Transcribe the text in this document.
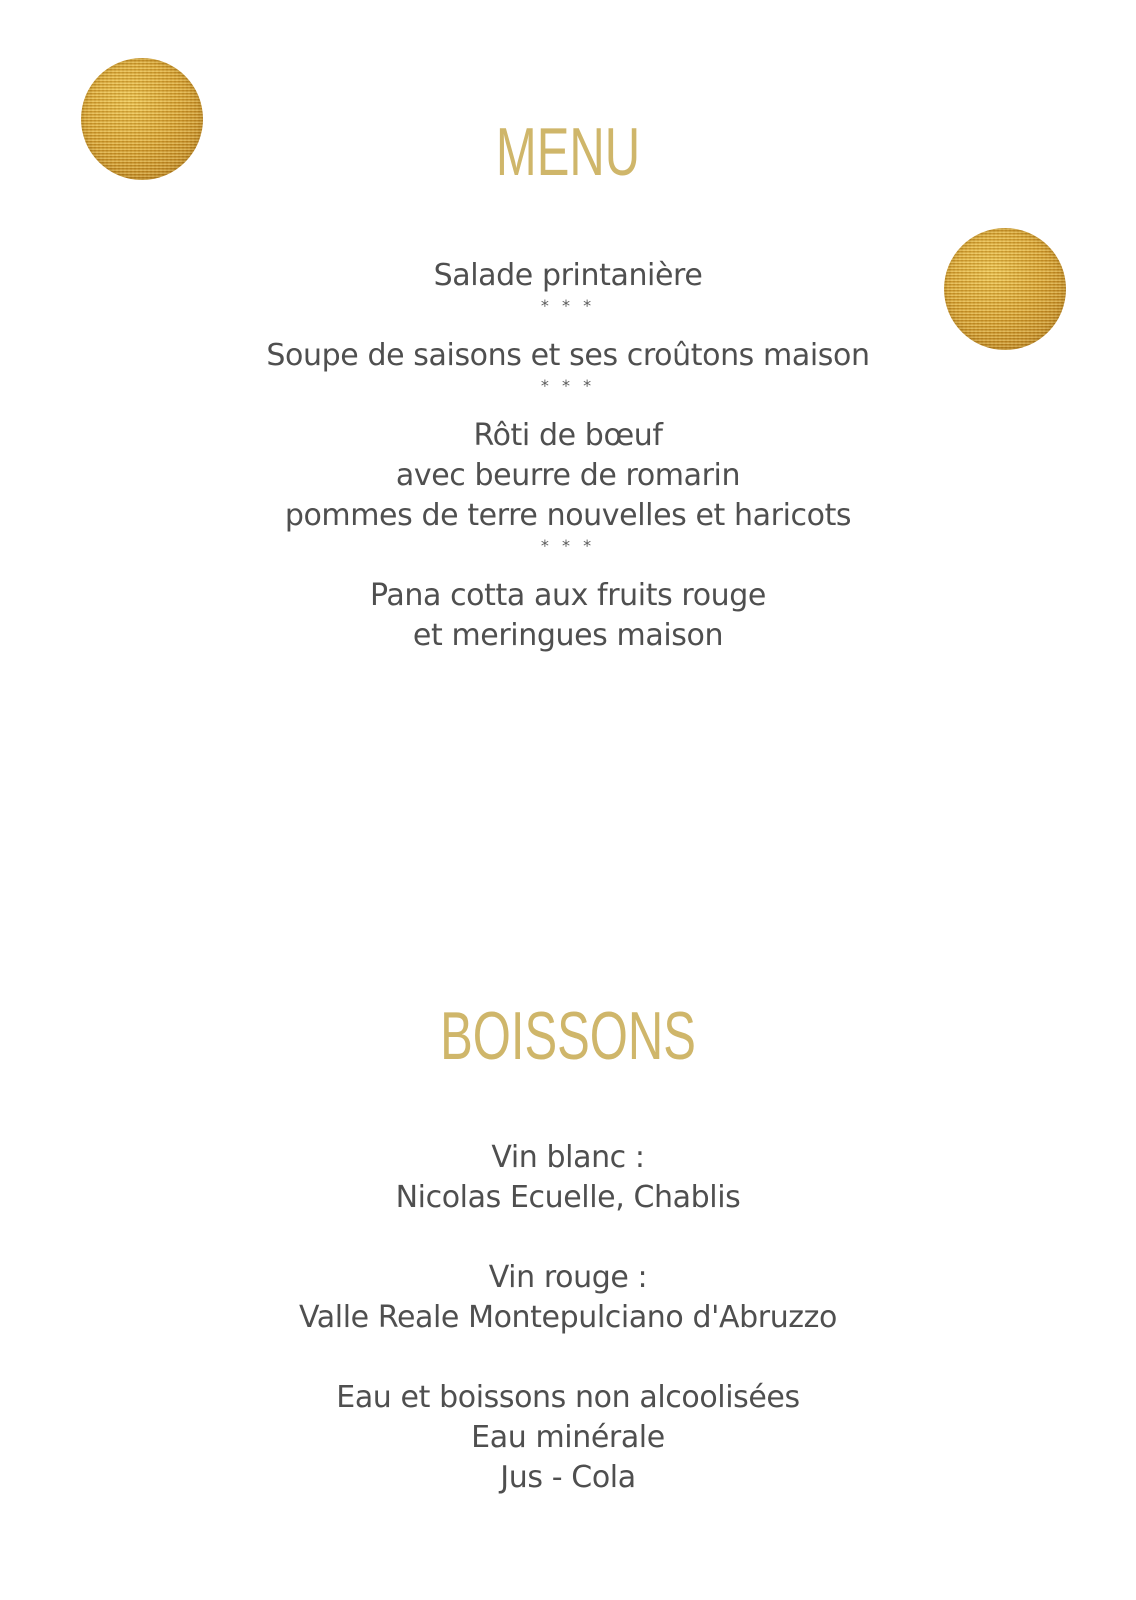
MENU
Salade printanière
* * *
Soupe de saisons et ses croûtons maison
* * *
Rôti de bœuf
avec beurre de romarin
pommes de terre nouvelles et haricots
* * *
Pana cotta aux fruits rouge
et meringues maison
BOISSONS
Vin blanc :
Nicolas Ecuelle, Chablis
Vin rouge :
Valle Reale Montepulciano d'Abruzzo
Eau et boissons non alcoolisées
Eau minérale
Jus - Cola
